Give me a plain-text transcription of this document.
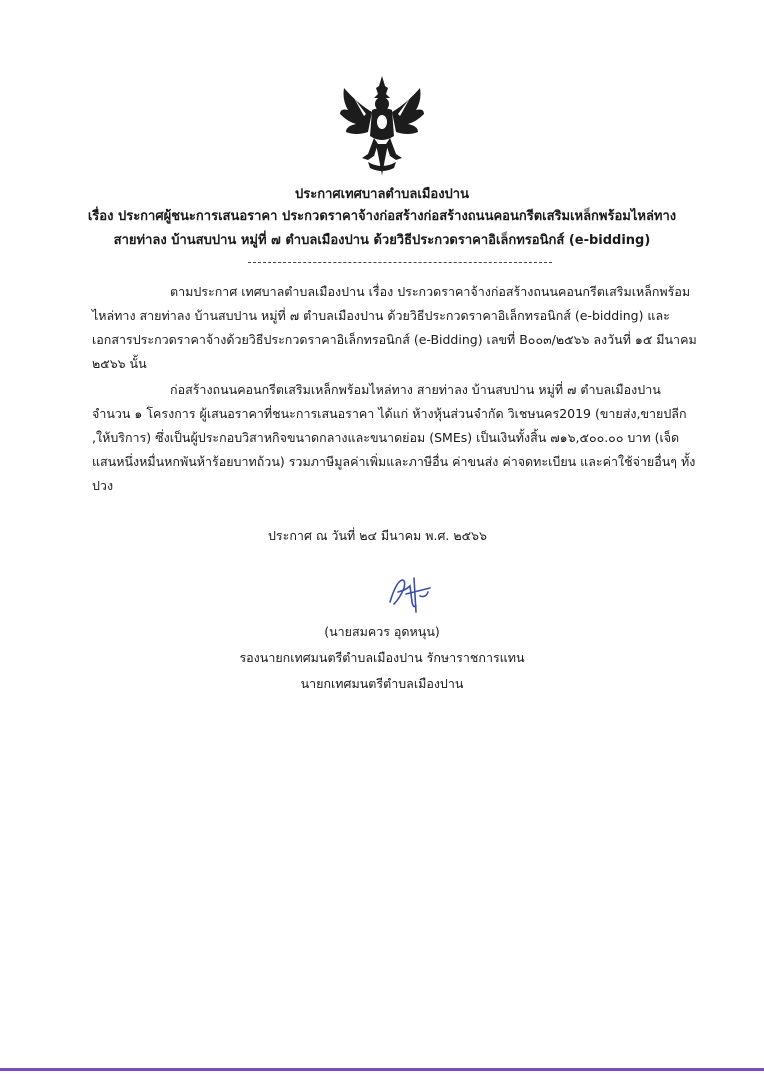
ประกาศเทศบาลตำบลเมืองปาน
เรื่อง ประกาศผู้ชนะการเสนอราคา ประกวดราคาจ้างก่อสร้างก่อสร้างถนนคอนกรีตเสริมเหล็กพร้อมไหล่ทาง
สายท่าลง บ้านสบปาน หมู่ที่ ๗ ตำบลเมืองปาน ด้วยวิธีประกวดราคาอิเล็กทรอนิกส์ (e-bidding)
ตามประกาศ เทศบาลตำบลเมืองปาน เรื่อง ประกวดราคาจ้างก่อสร้างถนนคอนกรีตเสริมเหล็กพร้อม
ไหล่ทาง สายท่าลง บ้านสบปาน หมู่ที่ ๗ ตำบลเมืองปาน ด้วยวิธีประกวดราคาอิเล็กทรอนิกส์ (e-bidding) และ
เอกสารประกวดราคาจ้างด้วยวิธีประกวดราคาอิเล็กทรอนิกส์ (e-Bidding) เลขที่ B๐๐๓/๒๕๖๖ ลงวันที่ ๑๕ มีนาคม
๒๕๖๖ นั้น
ก่อสร้างถนนคอนกรีตเสริมเหล็กพร้อมไหล่ทาง สายท่าลง บ้านสบปาน หมู่ที่ ๗ ตำบลเมืองปาน
จำนวน ๑ โครงการ ผู้เสนอราคาที่ชนะการเสนอราคา ได้แก่ ห้างหุ้นส่วนจำกัด วิเชษนคร2019 (ขายส่ง,ขายปลีก
,ให้บริการ) ซึ่งเป็นผู้ประกอบวิสาหกิจขนาดกลางและขนาดย่อม (SMEs) เป็นเงินทั้งสิ้น ๗๑๖,๕๐๐.๐๐ บาท (เจ็ด
แสนหนึ่งหมื่นหกพันห้าร้อยบาทถ้วน) รวมภาษีมูลค่าเพิ่มและภาษีอื่น ค่าขนส่ง ค่าจดทะเบียน และค่าใช้จ่ายอื่นๆ ทั้ง
ปวง
ประกาศ ณ วันที่ ๒๔ มีนาคม พ.ศ. ๒๕๖๖
(นายสมควร อุดหนุน)
รองนายกเทศมนตรีตำบลเมืองปาน รักษาราชการแทน
นายกเทศมนตรีตำบลเมืองปาน
